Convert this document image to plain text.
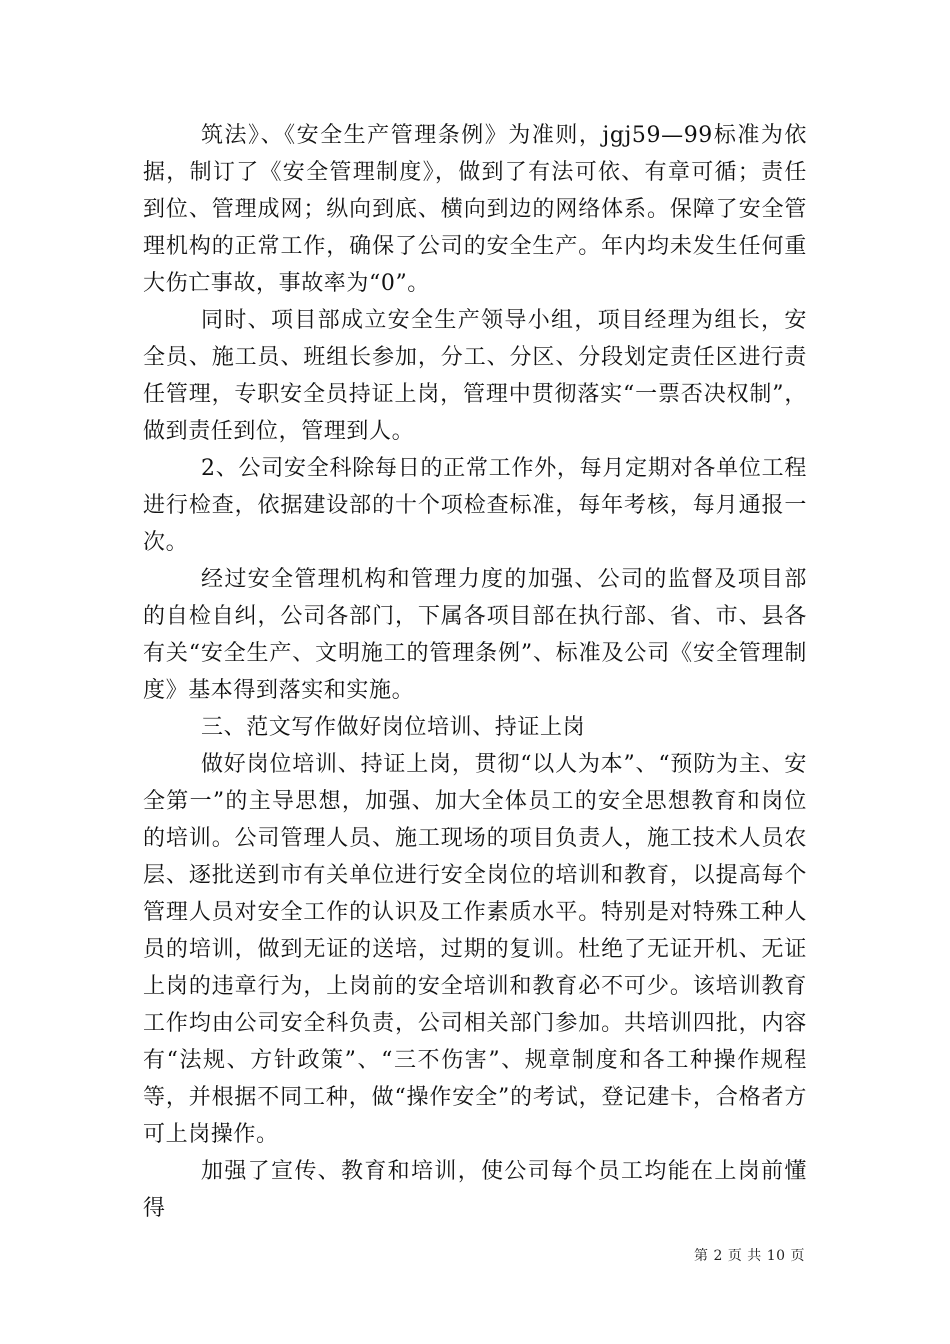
筑法》、《安全生产管理条例》为准则，jgj59—99标准为依据，制订了《安全管理制度》，做到了有法可依、有章可循；责任到位、管理成网；纵向到底、横向到边的网络体系。保障了安全管理机构的正常工作，确保了公司的安全生产。年内均未发生任何重大伤亡事故，事故率为“0”。

同时、项目部成立安全生产领导小组，项目经理为组长，安全员、施工员、班组长参加，分工、分区、分段划定责任区进行责任管理，专职安全员持证上岗，管理中贯彻落实“一票否决权制”，做到责任到位，管理到人。

2、公司安全科除每日的正常工作外，每月定期对各单位工程进行检查，依据建设部的十个项检查标准，每年考核，每月通报一次。

经过安全管理机构和管理力度的加强、公司的监督及项目部的自检自纠，公司各部门，下属各项目部在执行部、省、市、县各有关“安全生产、文明施工的管理条例”、标准及公司《安全管理制度》基本得到落实和实施。

三、范文写作做好岗位培训、持证上岗

做好岗位培训、持证上岗，贯彻“以人为本”、“预防为主、安全第一”的主导思想，加强、加大全体员工的安全思想教育和岗位的培训。公司管理人员、施工现场的项目负责人，施工技术人员农层、逐批送到市有关单位进行安全岗位的培训和教育，以提高每个管理人员对安全工作的认识及工作素质水平。特别是对特殊工种人员的培训，做到无证的送培，过期的复训。杜绝了无证开机、无证上岗的违章行为，上岗前的安全培训和教育必不可少。该培训教育工作均由公司安全科负责，公司相关部门参加。共培训四批，内容有“法规、方针政策”、“三不伤害”、规章制度和各工种操作规程等，并根据不同工种，做“操作安全”的考试，登记建卡，合格者方可上岗操作。

加强了宣传、教育和培训，使公司每个员工均能在上岗前懂得

第 2 页 共 10 页
